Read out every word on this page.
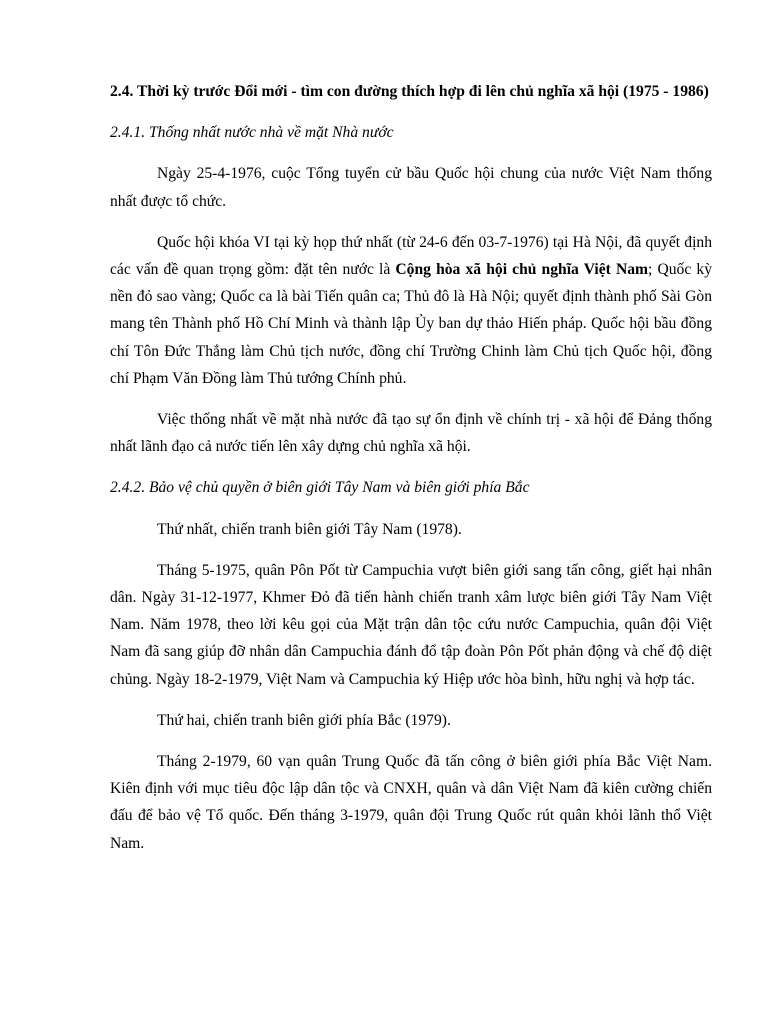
2.4. Thời kỳ trước Đổi mới - tìm con đường thích hợp đi lên chủ nghĩa xã hội (1975 - 1986)

2.4.1. Thống nhất nước nhà về mặt Nhà nước

Ngày 25-4-1976, cuộc Tổng tuyển cử bầu Quốc hội chung của nước Việt Nam thống nhất được tổ chức.

Quốc hội khóa VI tại kỳ họp thứ nhất (từ 24-6 đến 03-7-1976) tại Hà Nội, đã quyết định các vấn đề quan trọng gồm: đặt tên nước là Cộng hòa xã hội chủ nghĩa Việt Nam; Quốc kỳ nền đỏ sao vàng; Quốc ca là bài Tiến quân ca; Thủ đô là Hà Nội; quyết định thành phố Sài Gòn mang tên Thành phố Hồ Chí Minh và thành lập Ủy ban dự thảo Hiến pháp. Quốc hội bầu đồng chí Tôn Đức Thắng làm Chủ tịch nước, đồng chí Trường Chinh làm Chủ tịch Quốc hội, đồng chí Phạm Văn Đồng làm Thủ tướng Chính phủ.

Việc thống nhất về mặt nhà nước đã tạo sự ổn định về chính trị - xã hội để Đảng thống nhất lãnh đạo cả nước tiến lên xây dựng chủ nghĩa xã hội.

2.4.2. Bảo vệ chủ quyền ở biên giới Tây Nam và biên giới phía Bắc

Thứ nhất, chiến tranh biên giới Tây Nam (1978).

Tháng 5-1975, quân Pôn Pốt từ Campuchia vượt biên giới sang tấn công, giết hại nhân dân. Ngày 31-12-1977, Khmer Đỏ đã tiến hành chiến tranh xâm lược biên giới Tây Nam Việt Nam. Năm 1978, theo lời kêu gọi của Mặt trận dân tộc cứu nước Campuchia, quân đội Việt Nam đã sang giúp đỡ nhân dân Campuchia đánh đổ tập đoàn Pôn Pốt phản động và chế độ diệt chủng. Ngày 18-2-1979, Việt Nam và Campuchia ký Hiệp ước hòa bình, hữu nghị và hợp tác.

Thứ hai, chiến tranh biên giới phía Bắc (1979).

Tháng 2-1979, 60 vạn quân Trung Quốc đã tấn công ở biên giới phía Bắc Việt Nam. Kiên định với mục tiêu độc lập dân tộc và CNXH, quân và dân Việt Nam đã kiên cường chiến đấu để bảo vệ Tổ quốc. Đến tháng 3-1979, quân đội Trung Quốc rút quân khỏi lãnh thổ Việt Nam.
